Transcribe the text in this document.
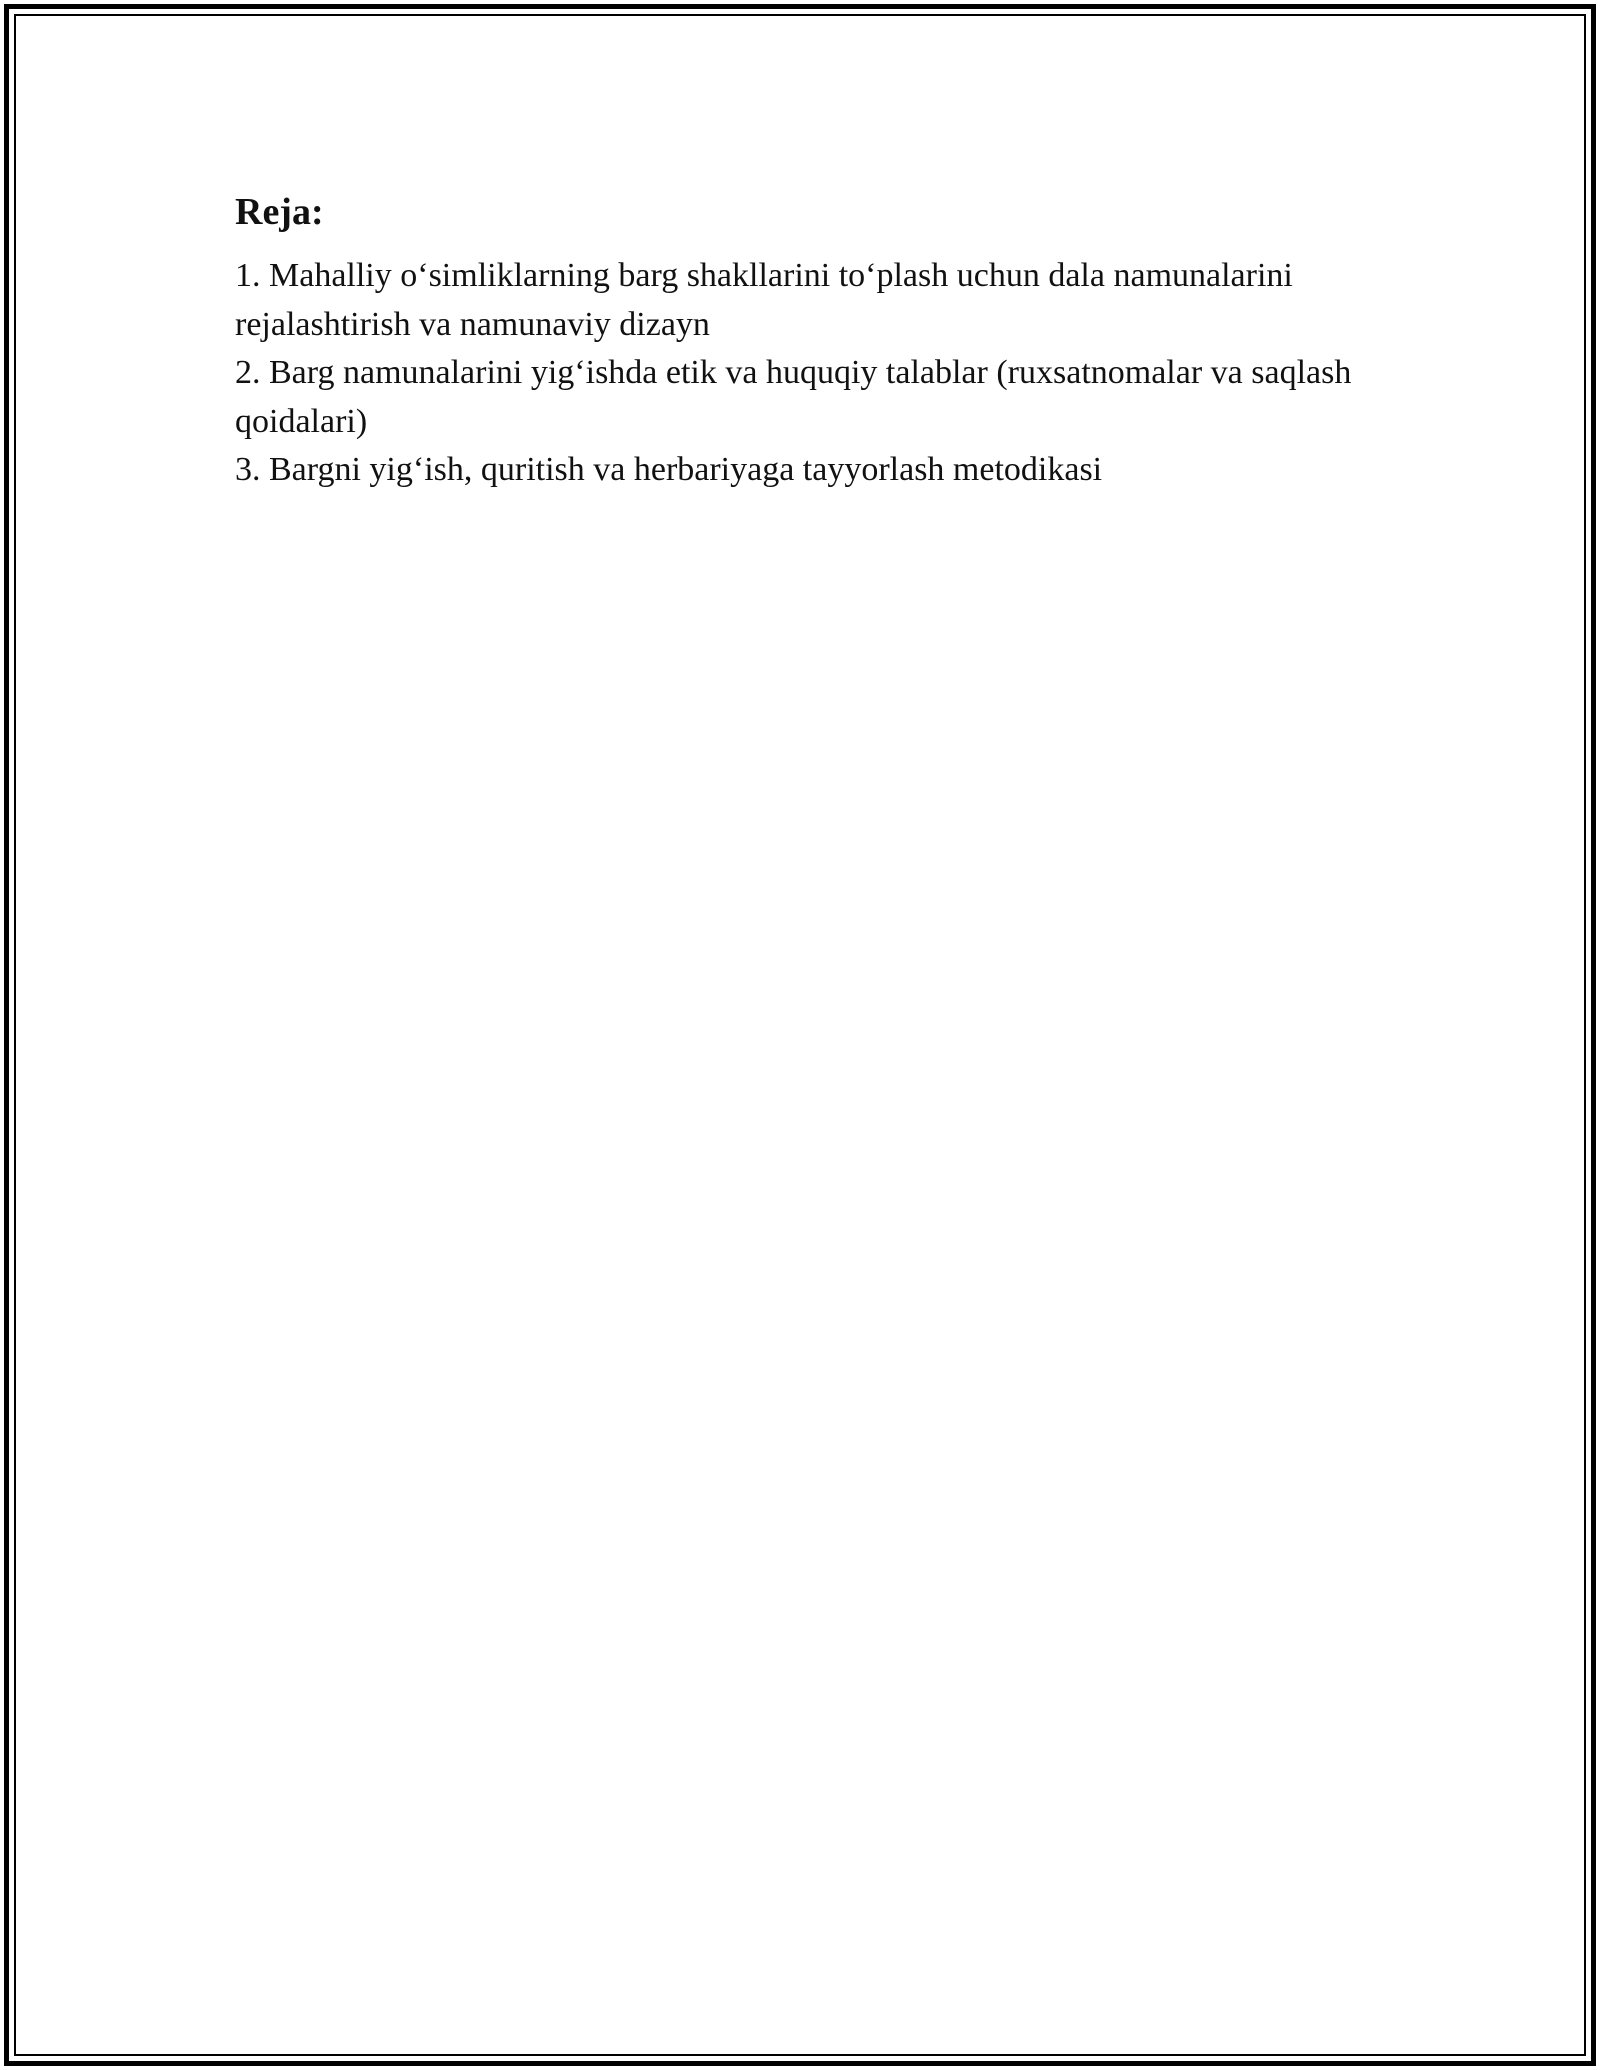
Reja:
1. Mahalliy o‘simliklarning barg shakllarini to‘plash uchun dala namunalarini rejalashtirish va namunaviy dizayn
2. Barg namunalarini yig‘ishda etik va huquqiy talablar (ruxsatnomalar va saqlash qoidalari)
3. Bargni yig‘ish, quritish va herbariyaga tayyorlash metodikasi
